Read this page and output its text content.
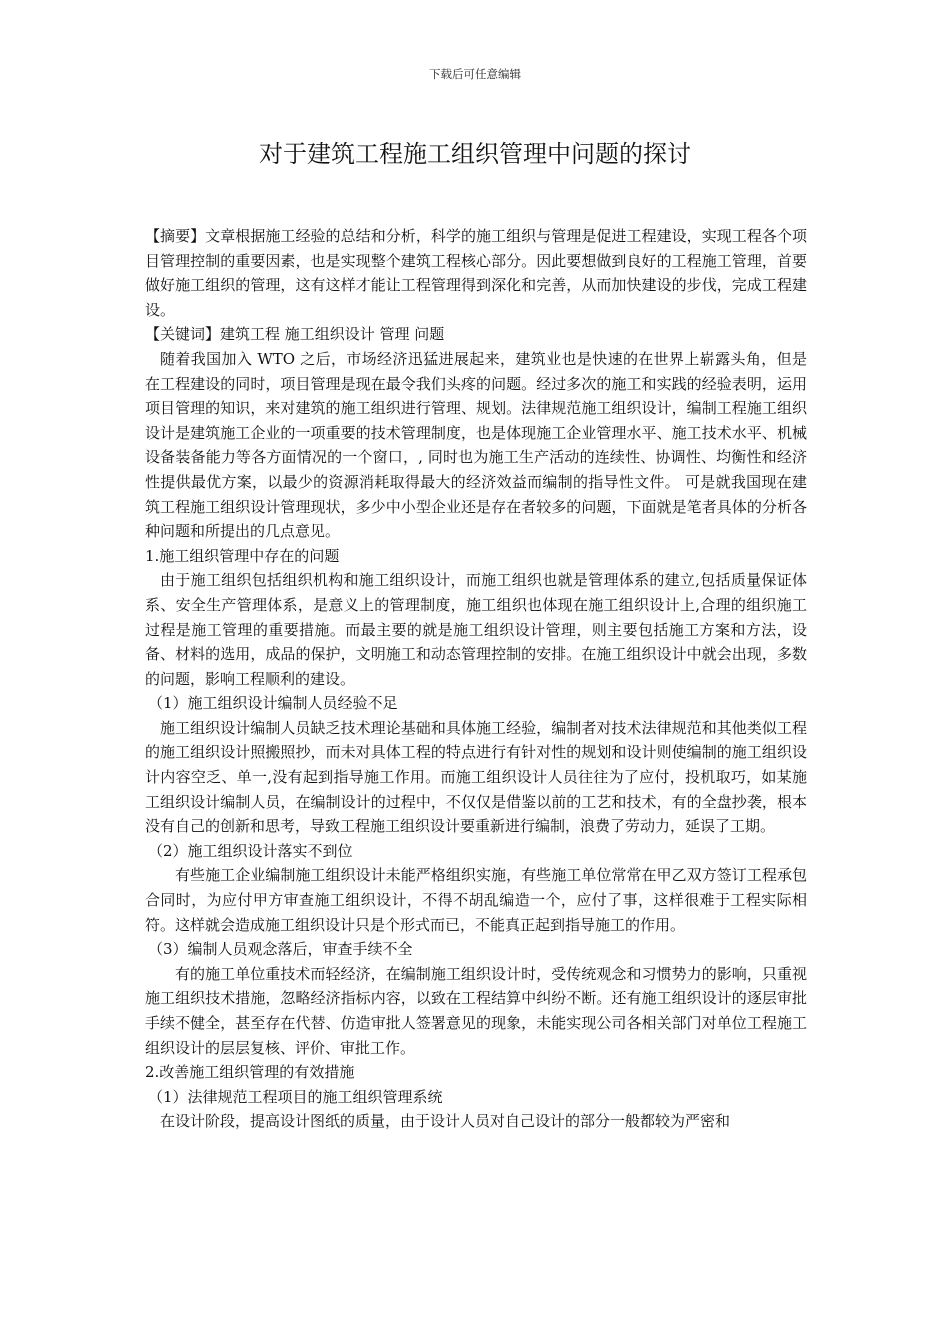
下载后可任意编辑
对于建筑工程施工组织管理中问题的探讨

【摘要】文章根据施工经验的总结和分析，科学的施工组织与管理是促进工程建设，实现工程各个项目管理控制的重要因素，也是实现整个建筑工程核心部分。因此要想做到良好的工程施工管理，首要做好施工组织的管理，这有这样才能让工程管理得到深化和完善，从而加快建设的步伐，完成工程建设。

【关键词】建筑工程 施工组织设计 管理 问题

随着我国加入 WTO 之后，市场经济迅猛进展起来，建筑业也是快速的在世界上崭露头角，但是在工程建设的同时，项目管理是现在最令我们头疼的问题。经过多次的施工和实践的经验表明，运用项目管理的知识，来对建筑的施工组织进行管理、规划。法律规范施工组织设计，编制工程施工组织设计是建筑施工企业的一项重要的技术管理制度，也是体现施工企业管理水平、施工技术水平、机械设备装备能力等各方面情况的一个窗口，, 同时也为施工生产活动的连续性、协调性、均衡性和经济性提供最优方案，以最少的资源消耗取得最大的经济效益而编制的指导性文件。 可是就我国现在建筑工程施工组织设计管理现状，多少中小型企业还是存在者较多的问题，下面就是笔者具体的分析各种问题和所提出的几点意见。

1.施工组织管理中存在的问题

由于施工组织包括组织机构和施工组织设计，而施工组织也就是管理体系的建立,包括质量保证体系、安全生产管理体系，是意义上的管理制度，施工组织也体现在施工组织设计上,合理的组织施工过程是施工管理的重要措施。而最主要的就是施工组织设计管理，则主要包括施工方案和方法，设备、材料的选用，成品的保护，文明施工和动态管理控制的安排。在施工组织设计中就会出现，多数的问题，影响工程顺利的建设。

（1）施工组织设计编制人员经验不足

施工组织设计编制人员缺乏技术理论基础和具体施工经验，编制者对技术法律规范和其他类似工程的施工组织设计照搬照抄，而未对具体工程的特点进行有针对性的规划和设计则使编制的施工组织设计内容空乏、单一,没有起到指导施工作用。而施工组织设计人员往往为了应付，投机取巧，如某施工组织设计编制人员，在编制设计的过程中，不仅仅是借鉴以前的工艺和技术，有的全盘抄袭，根本没有自己的创新和思考，导致工程施工组织设计要重新进行编制，浪费了劳动力，延误了工期。

（2）施工组织设计落实不到位

有些施工企业编制施工组织设计未能严格组织实施，有些施工单位常常在甲乙双方签订工程承包合同时，为应付甲方审查施工组织设计，不得不胡乱编造一个，应付了事，这样很难于工程实际相符。这样就会造成施工组织设计只是个形式而已，不能真正起到指导施工的作用。

（3）编制人员观念落后，审查手续不全

有的施工单位重技术而轻经济，在编制施工组织设计时，受传统观念和习惯势力的影响，只重视施工组织技术措施，忽略经济指标内容，以致在工程结算中纠纷不断。还有施工组织设计的逐层审批手续不健全，甚至存在代替、仿造审批人签署意见的现象，未能实现公司各相关部门对单位工程施工组织设计的层层复核、评价、审批工作。

2.改善施工组织管理的有效措施

（1）法律规范工程项目的施工组织管理系统

在设计阶段，提高设计图纸的质量，由于设计人员对自己设计的部分一般都较为严密和
